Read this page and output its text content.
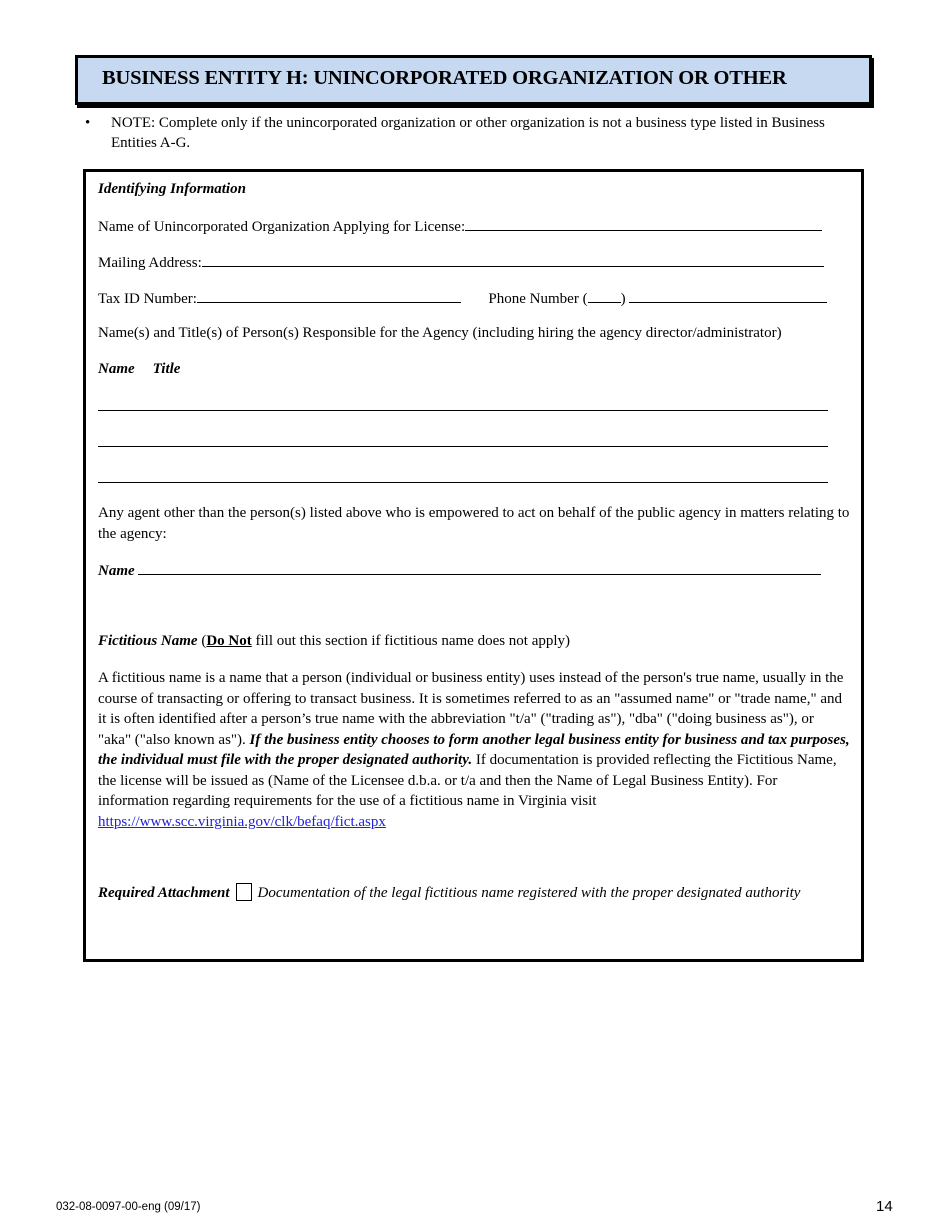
BUSINESS ENTITY H: UNINCORPORATED ORGANIZATION OR OTHER
• NOTE: Complete only if the unincorporated organization or other organization is not a business type listed in Business Entities A-G.
Identifying Information
Name of Unincorporated Organization Applying for License:
Mailing Address:
Tax ID Number:	Phone Number ( )
Name(s) and Title(s) of Person(s) Responsible for the Agency (including hiring the agency director/administrator)
Name Title
Any agent other than the person(s) listed above who is empowered to act on behalf of the public agency in matters relating to the agency:
Name
Fictitious Name (Do Not fill out this section if fictitious name does not apply)
A fictitious name is a name that a person (individual or business entity) uses instead of the person's true name, usually in the course of transacting or offering to transact business. It is sometimes referred to as an "assumed name" or "trade name," and it is often identified after a person’s true name with the abbreviation "t/a" ("trading as"), "dba" ("doing business as"), or "aka" ("also known as"). If the business entity chooses to form another legal business entity for business and tax purposes, the individual must file with the proper designated authority. If documentation is provided reflecting the Fictitious Name, the license will be issued as (Name of the Licensee d.b.a. or t/a and then the Name of Legal Business Entity). For information regarding requirements for the use of a fictitious name in Virginia visit https://www.scc.virginia.gov/clk/befaq/fict.aspx
Required Attachment Documentation of the legal fictitious name registered with the proper designated authority
032-08-0097-00-eng (09/17)	14
